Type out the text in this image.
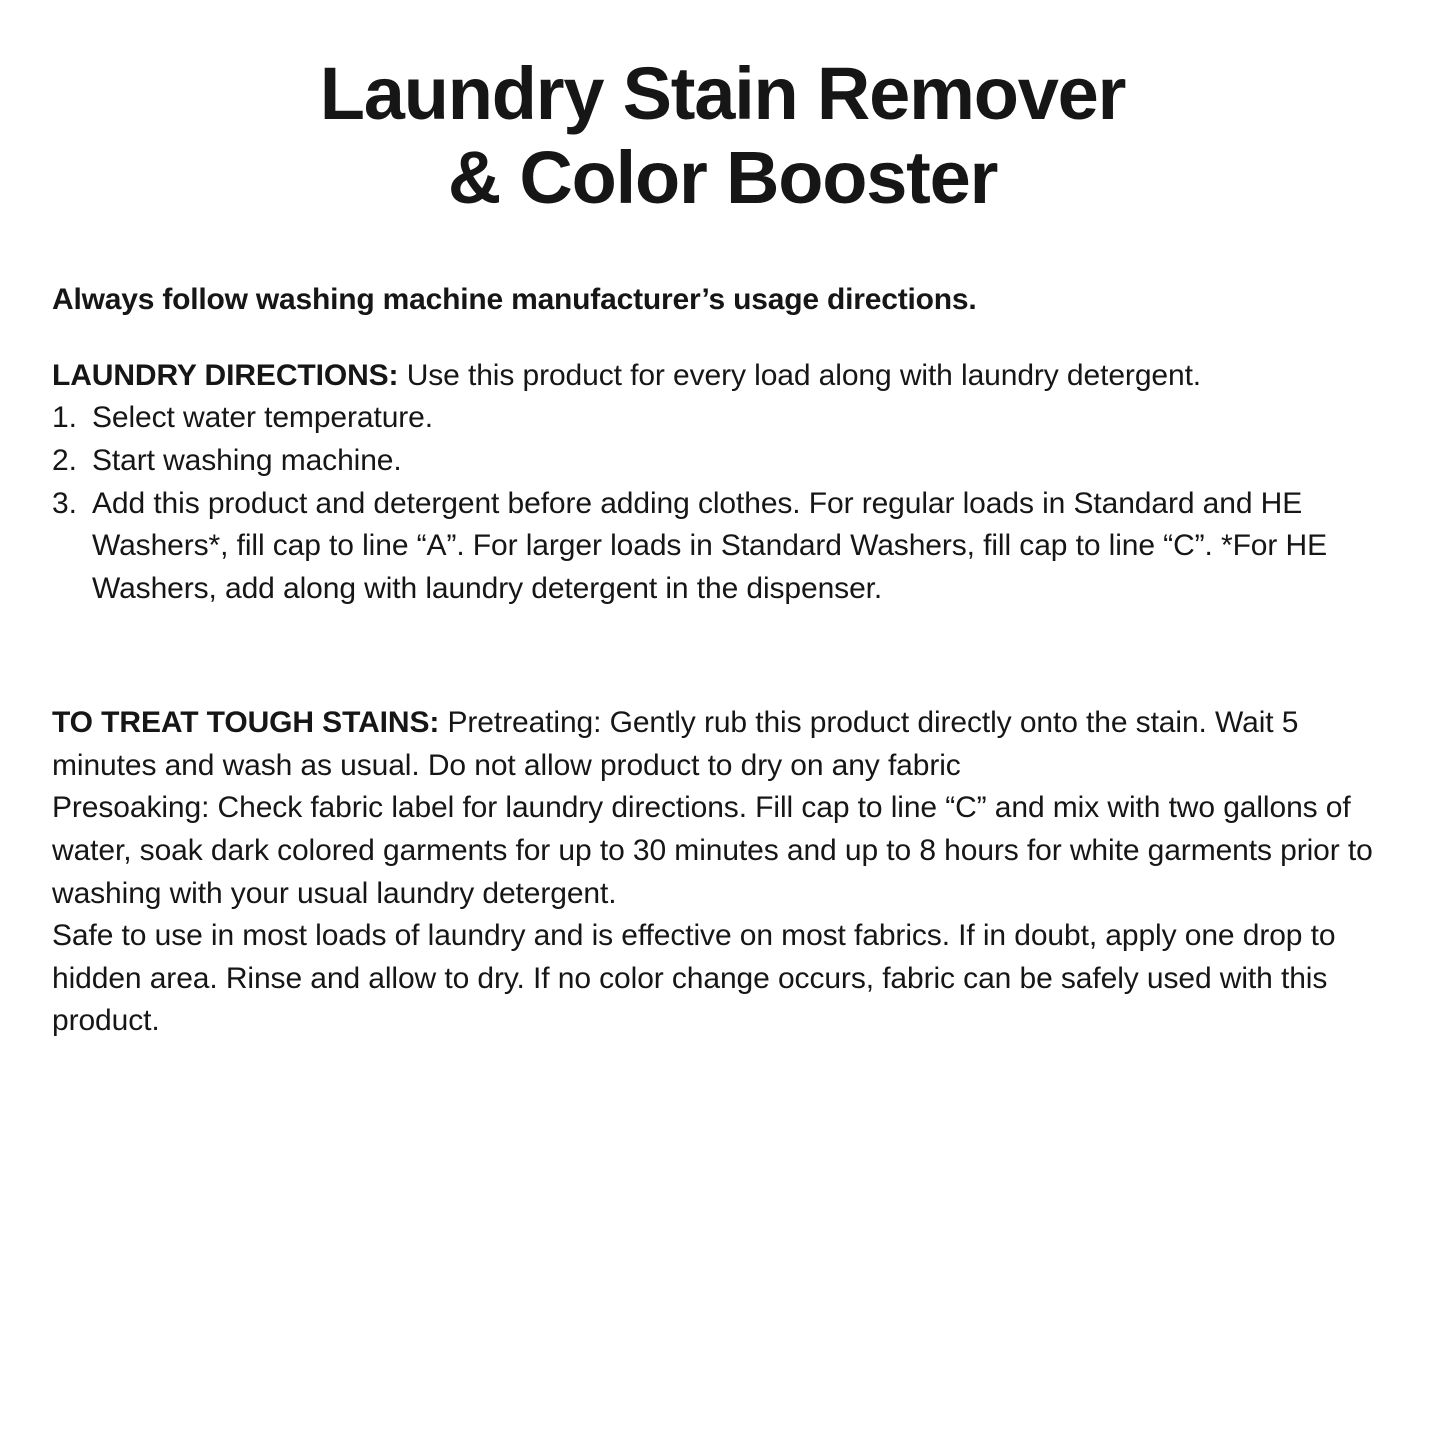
Laundry Stain Remover
& Color Booster
Always follow washing machine manufacturer’s usage directions.
LAUNDRY DIRECTIONS: Use this product for every load along with laundry detergent.
1. Select water temperature.
2. Start washing machine.
3. Add this product and detergent before adding clothes. For regular loads in Standard and HE Washers*, fill cap to line “A”. For larger loads in Standard Washers, fill cap to line “C”. *For HE Washers, add along with laundry detergent in the dispenser.
TO TREAT TOUGH STAINS: Pretreating: Gently rub this product directly onto the stain. Wait 5 minutes and wash as usual. Do not allow product to dry on any fabric
Presoaking: Check fabric label for laundry directions. Fill cap to line “C” and mix with two gallons of water, soak dark colored garments for up to 30 minutes and up to 8 hours for white garments prior to washing with your usual laundry detergent.
Safe to use in most loads of laundry and is effective on most fabrics. If in doubt, apply one drop to hidden area. Rinse and allow to dry. If no color change occurs, fabric can be safely used with this product.
